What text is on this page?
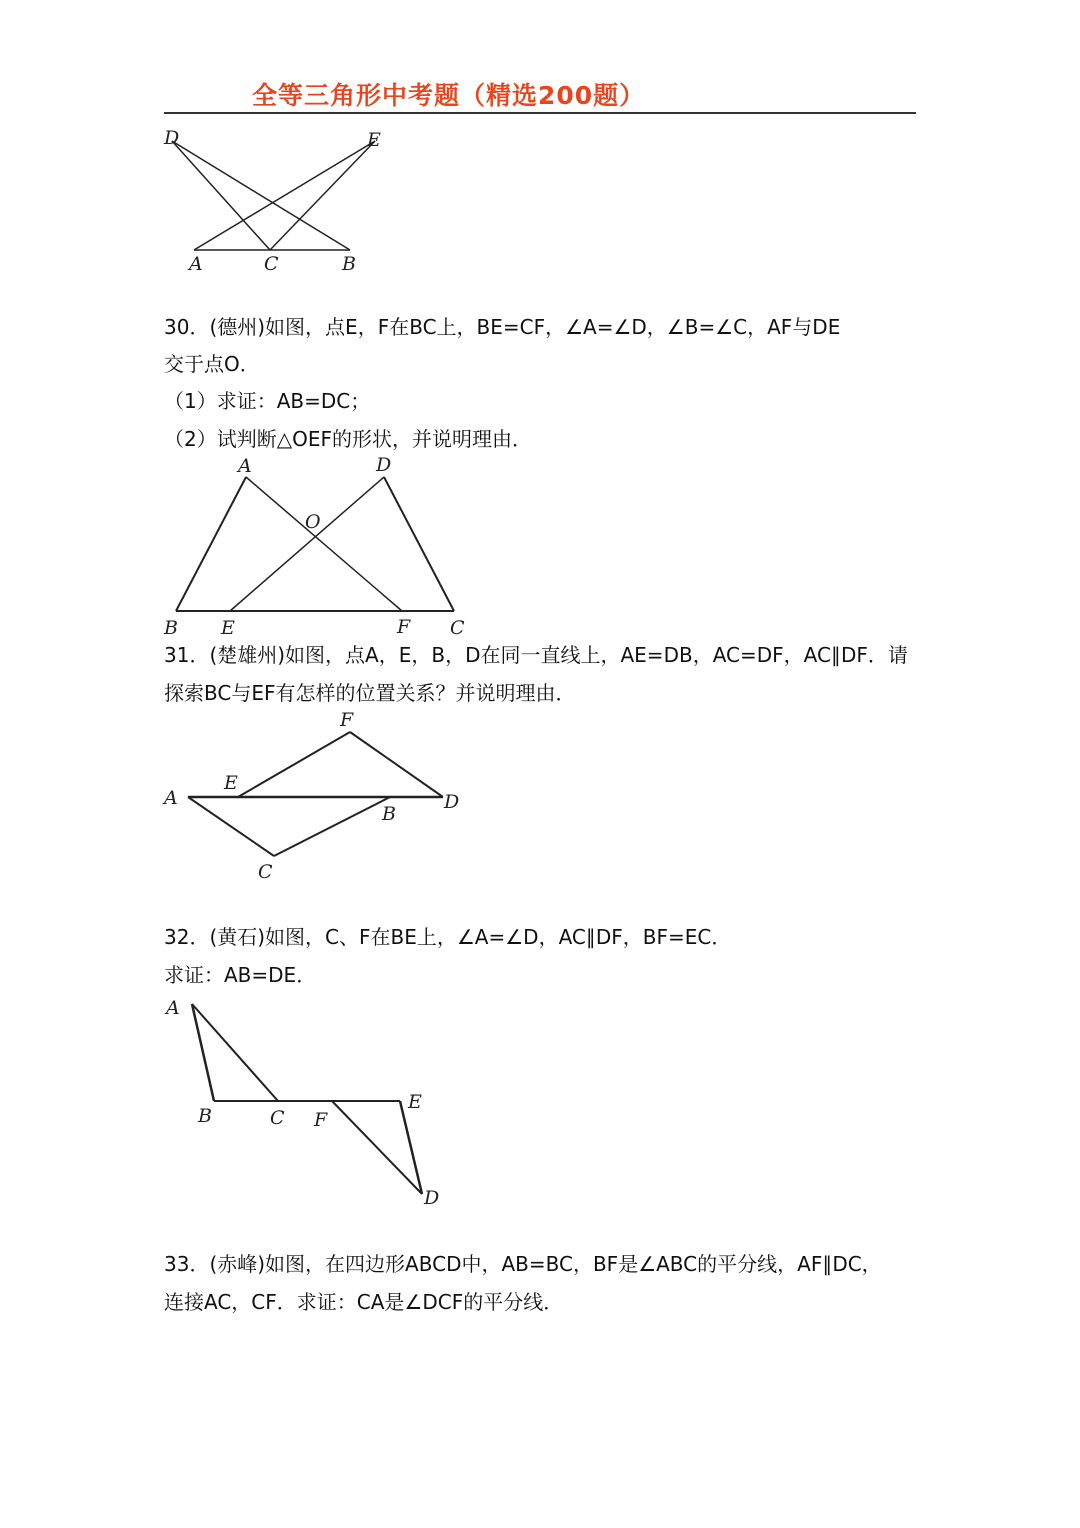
全等三角形中考题（精选200题）
D	E
A	C	B
30．(德州)如图，点E，F在BC上，BE=CF，∠A=∠D，∠B=∠C，AF与DE
交于点O．
（1）求证：AB=DC；
（2）试判断△OEF的形状，并说明理由．
A	D
O
B E	F C
31．(楚雄州)如图，点A，E，B，D在同一直线上，AE=DB，AC=DF，AC∥DF．请
探索BC与EF有怎样的位置关系？并说明理由．
F
A
E
B
D
C
32．(黄石)如图，C、F在BE上，∠A=∠D，AC∥DF，BF=EC．
求证：AB=DE．
A
B	C F
E
D
33．(赤峰)如图，在四边形ABCD中，AB=BC，BF是∠ABC的平分线，AF∥DC，
连接AC，CF．求证：CA是∠DCF的平分线．
